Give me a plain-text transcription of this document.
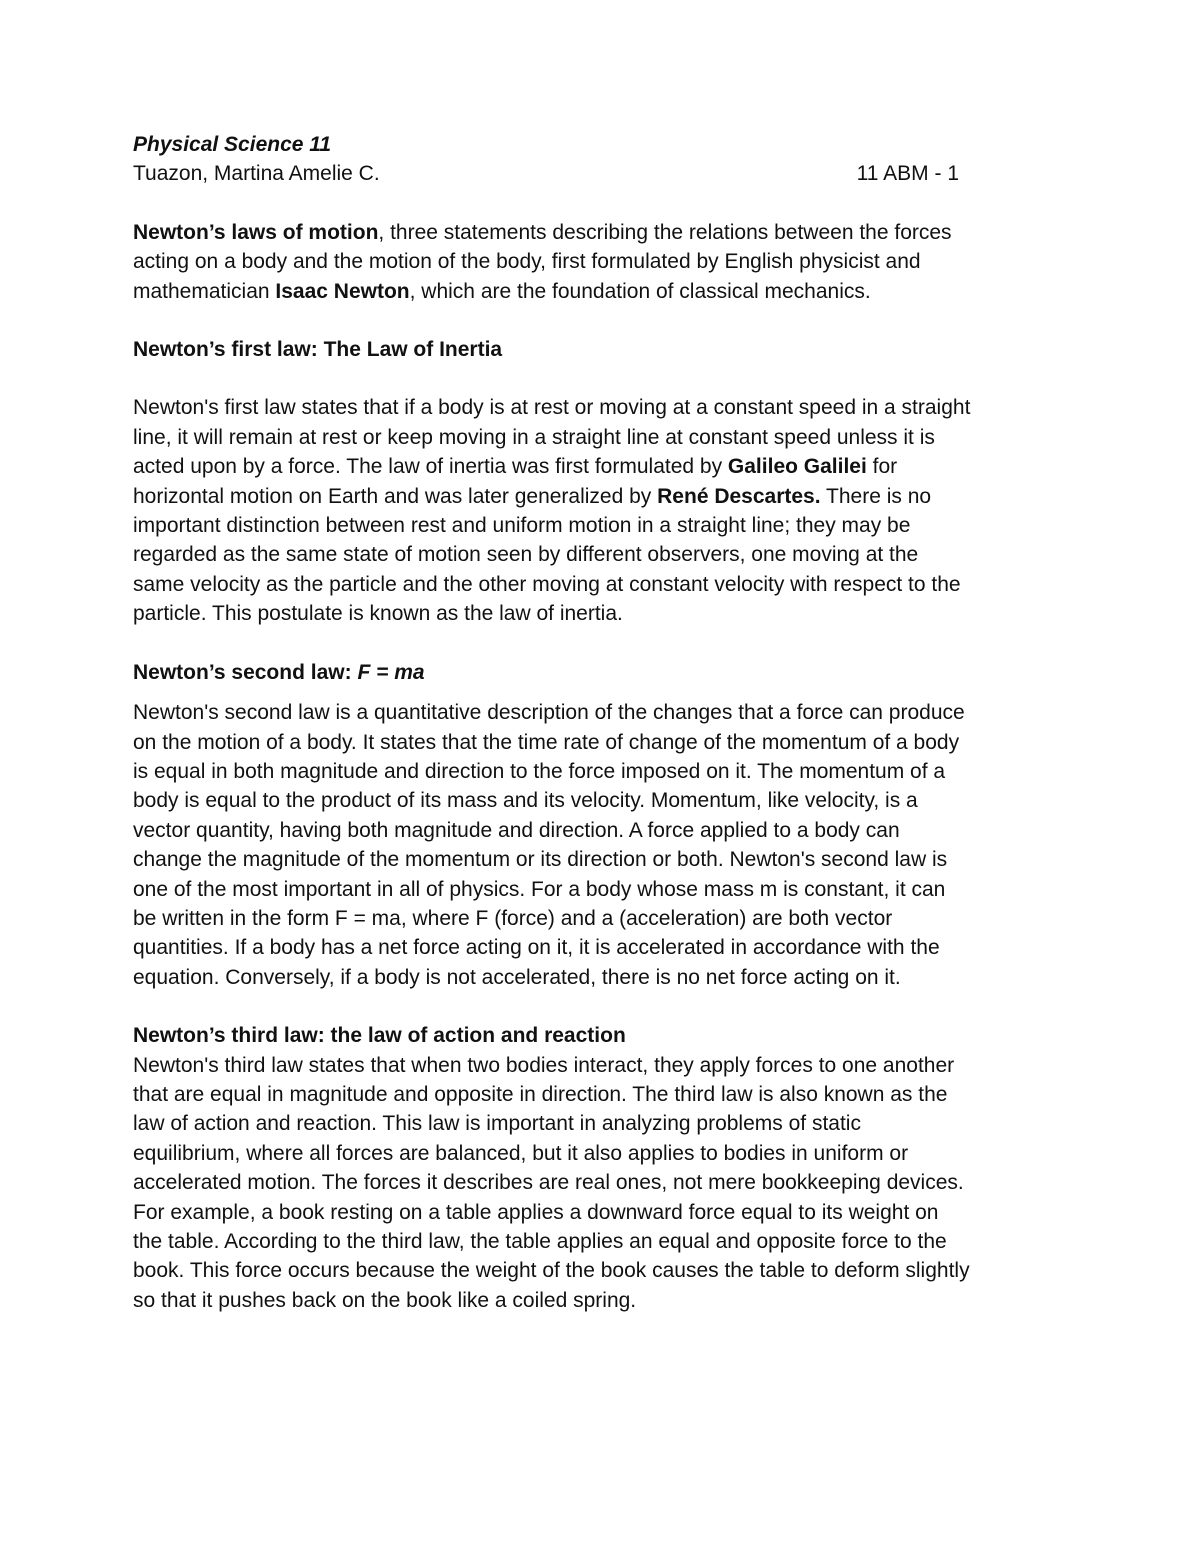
Physical Science 11

Tuazon, Martina Amelie C.	11 ABM - 1

Newton’s laws of motion, three statements describing the relations between the forces acting on a body and the motion of the body, first formulated by English physicist and mathematician Isaac Newton, which are the foundation of classical mechanics.

Newton’s first law: The Law of Inertia

Newton's first law states that if a body is at rest or moving at a constant speed in a straight line, it will remain at rest or keep moving in a straight line at constant speed unless it is acted upon by a force. The law of inertia was first formulated by Galileo Galilei for horizontal motion on Earth and was later generalized by René Descartes. There is no important distinction between rest and uniform motion in a straight line; they may be regarded as the same state of motion seen by different observers, one moving at the same velocity as the particle and the other moving at constant velocity with respect to the particle. This postulate is known as the law of inertia.

Newton’s second law: F = ma

Newton's second law is a quantitative description of the changes that a force can produce on the motion of a body. It states that the time rate of change of the momentum of a body is equal in both magnitude and direction to the force imposed on it. The momentum of a body is equal to the product of its mass and its velocity. Momentum, like velocity, is a vector quantity, having both magnitude and direction. A force applied to a body can change the magnitude of the momentum or its direction or both. Newton's second law is one of the most important in all of physics. For a body whose mass m is constant, it can be written in the form F = ma, where F (force) and a (acceleration) are both vector quantities. If a body has a net force acting on it, it is accelerated in accordance with the equation. Conversely, if a body is not accelerated, there is no net force acting on it.

Newton’s third law: the law of action and reaction

Newton's third law states that when two bodies interact, they apply forces to one another that are equal in magnitude and opposite in direction. The third law is also known as the law of action and reaction. This law is important in analyzing problems of static equilibrium, where all forces are balanced, but it also applies to bodies in uniform or accelerated motion. The forces it describes are real ones, not mere bookkeeping devices. For example, a book resting on a table applies a downward force equal to its weight on the table. According to the third law, the table applies an equal and opposite force to the book. This force occurs because the weight of the book causes the table to deform slightly so that it pushes back on the book like a coiled spring.
